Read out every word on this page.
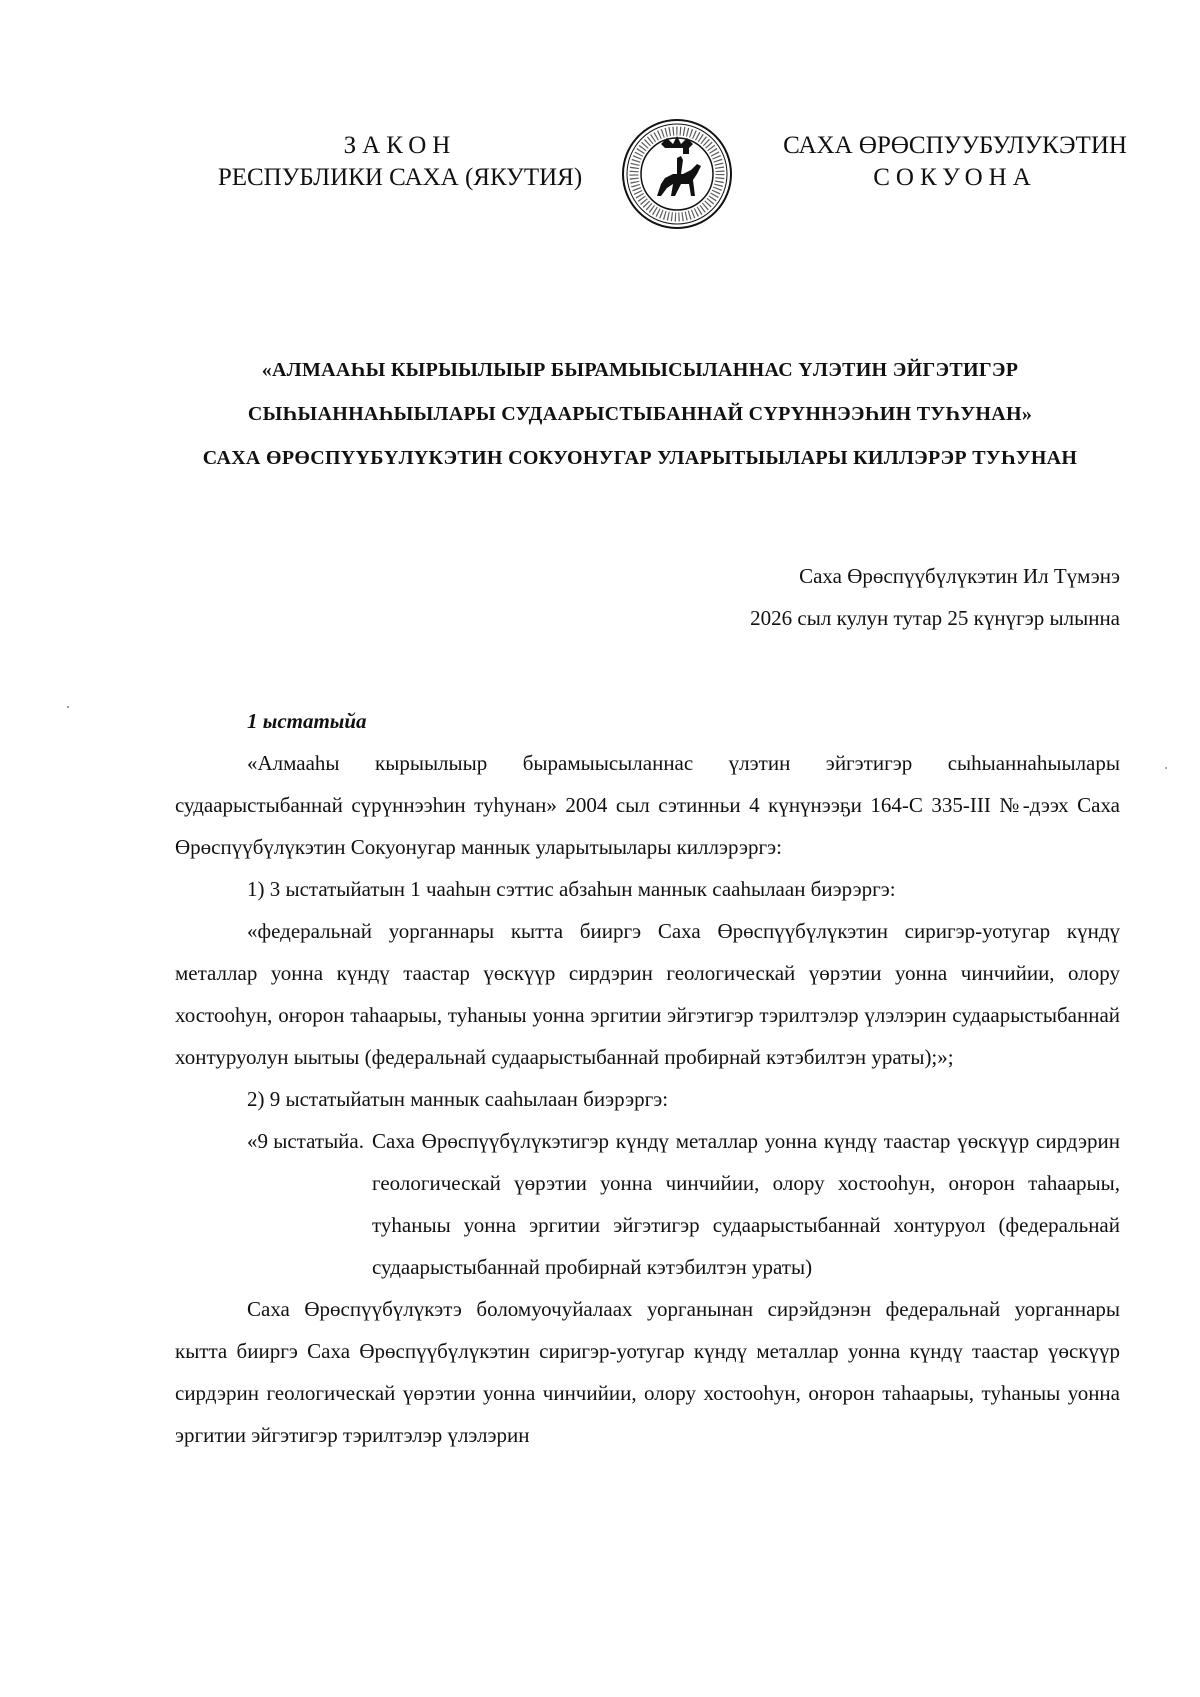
ЗАКОН
РЕСПУБЛИКИ САХА (ЯКУТИЯ)
САХА ӨРӨСПУУБУЛУКЭТИН
СОКУОНА
«АЛМААҺЫ КЫРЫЫЛЫЫР БЫРАМЫЫСЫЛАННАС ҮЛЭТИН ЭЙГЭТИГЭР
СЫҺЫАННАҺЫЫЛАРЫ СУДААРЫСТЫБАННАЙ СҮРҮННЭЭҺИН ТУҺУНАН»
САХА ӨРӨСПҮҮБҮЛҮКЭТИН СОКУОНУГАР УЛАРЫТЫЫЛАРЫ КИЛЛЭРЭР ТУҺУНАН
Саха Өрөспүүбүлүкэтин Ил Түмэнэ
2026 сыл кулун тутар 25 күнүгэр ылынна

1 ыстатыйа

«Алмааһы кырыылыыр бырамыысыланнас үлэтин эйгэтигэр сыһыаннаһыылары судаарыстыбаннай сүрүннээһин туһунан» 2004 сыл сэтинньи 4 күнүнээҕи 164-С 335-III №-дээх Саха Өрөспүүбүлүкэтин Сокуонугар маннык уларытыылары киллэрэргэ:

1) 3 ыстатыйатын 1 чааһын сэттис абзаһын маннык сааһылаан биэрэргэ:

«федеральнай уорганнары кытта бииргэ Саха Өрөспүүбүлүкэтин сиригэр-уотугар күндү металлар уонна күндү таастар үөскүүр сирдэрин геологическай үөрэтии уонна чинчийии, олору хостооһун, оҥорон таһаарыы, туһаныы уонна эргитии эйгэтигэр тэрилтэлэр үлэлэрин судаарыстыбаннай хонтуруолун ыытыы (федеральнай судаарыстыбаннай пробирнай кэтэбилтэн ураты);»;

2) 9 ыстатыйатын маннык сааһылаан биэрэргэ:

«9 ыстатыйа. Саха Өрөспүүбүлүкэтигэр күндү металлар уонна күндү таастар үөскүүр сирдэрин геологическай үөрэтии уонна чинчийии, олору хостооһун, оҥорон таһаарыы, туһаныы уонна эргитии эйгэтигэр судаарыстыбаннай хонтуруол (федеральнай судаарыстыбаннай пробирнай кэтэбилтэн ураты)

Саха Өрөспүүбүлүкэтэ боломуочуйалаах уорганынан сирэйдэнэн федеральнай уорганнары кытта бииргэ Саха Өрөспүүбүлүкэтин сиригэр-уотугар күндү металлар уонна күндү таастар үөскүүр сирдэрин геологическай үөрэтии уонна чинчийии, олору хостооһун, оҥорон таһаарыы, туһаныы уонна эргитии эйгэтигэр тэрилтэлэр үлэлэрин
